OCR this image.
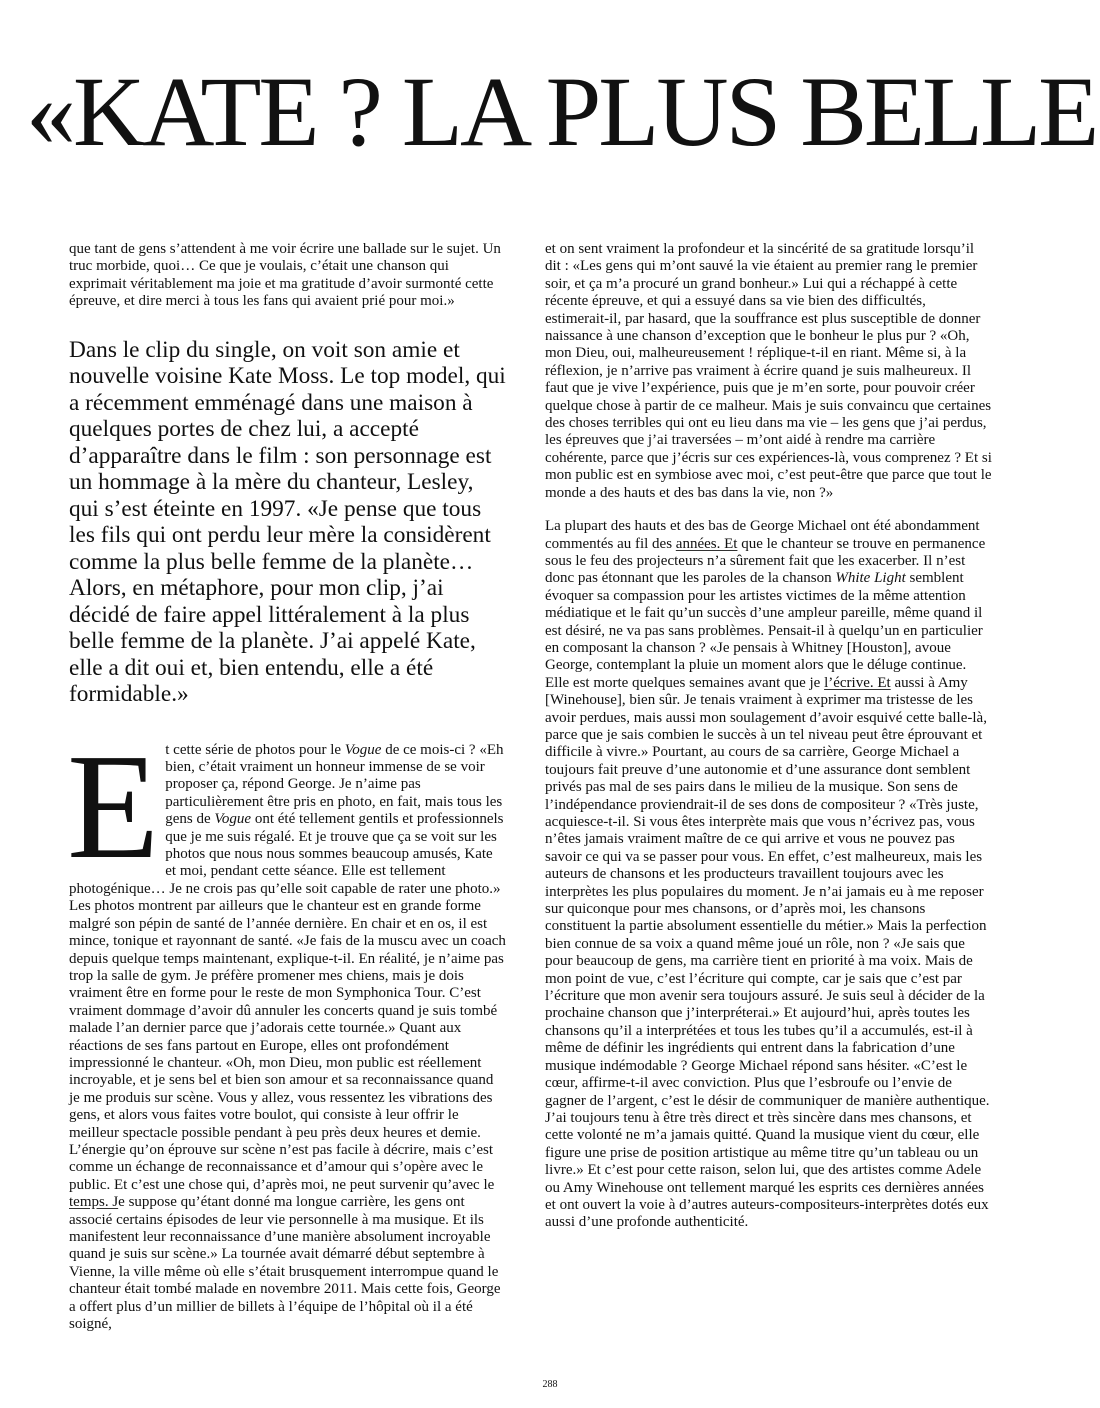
«KATE ? LA PLUS BELLE

que tant de gens s’attendent à me voir écrire une ballade sur le sujet. Un truc morbide, quoi… Ce que je voulais, c’était une chanson qui exprimait véritablement ma joie et ma gratitude d’avoir surmonté cette épreuve, et dire merci à tous les fans qui avaient prié pour moi.»

Dans le clip du single, on voit son amie et nouvelle voisine Kate Moss. Le top model, qui a récemment emménagé dans une maison à quelques portes de chez lui, a accepté d’apparaître dans le film : son personnage est un hommage à la mère du chanteur, Lesley, qui s’est éteinte en 1997. «Je pense que tous les fils qui ont perdu leur mère la considèrent comme la plus belle femme de la planète… Alors, en métaphore, pour mon clip, j’ai décidé de faire appel littéralement à la plus belle femme de la planète. J’ai appelé Kate, elle a dit oui et, bien entendu, elle a été formidable.»

Et cette série de photos pour le Vogue de ce mois-ci ? «Eh bien, c’était vraiment un honneur immense de se voir proposer ça, répond George. Je n’aime pas particulièrement être pris en photo, en fait, mais tous les gens de Vogue ont été tellement gentils et professionnels que je me suis régalé. Et je trouve que ça se voit sur les photos que nous nous sommes beaucoup amusés, Kate et moi, pendant cette séance. Elle est tellement photogénique… Je ne crois pas qu’elle soit capable de rater une photo.» Les photos montrent par ailleurs que le chanteur est en grande forme malgré son pépin de santé de l’année dernière. En chair et en os, il est mince, tonique et rayonnant de santé. «Je fais de la muscu avec un coach depuis quelque temps maintenant, explique-t-il. En réalité, je n’aime pas trop la salle de gym. Je préfère promener mes chiens, mais je dois vraiment être en forme pour le reste de mon Symphonica Tour. C’est vraiment dommage d’avoir dû annuler les concerts quand je suis tombé malade l’an dernier parce que j’adorais cette tournée.» Quant aux réactions de ses fans partout en Europe, elles ont profondément impressionné le chanteur. «Oh, mon Dieu, mon public est réellement incroyable, et je sens bel et bien son amour et sa reconnaissance quand je me produis sur scène. Vous y allez, vous ressentez les vibrations des gens, et alors vous faites votre boulot, qui consiste à leur offrir le meilleur spectacle possible pendant à peu près deux heures et demie. L’énergie qu’on éprouve sur scène n’est pas facile à décrire, mais c’est comme un échange de reconnaissance et d’amour qui s’opère avec le public. Et c’est une chose qui, d’après moi, ne peut survenir qu’avec le temps. Je suppose qu’étant donné ma longue carrière, les gens ont associé certains épisodes de leur vie personnelle à ma musique. Et ils manifestent leur reconnaissance d’une manière absolument incroyable quand je suis sur scène.» La tournée avait démarré début septembre à Vienne, la ville même où elle s’était brusquement interrompue quand le chanteur était tombé malade en novembre 2011. Mais cette fois, George a offert plus d’un millier de billets à l’équipe de l’hôpital où il a été soigné,

et on sent vraiment la profondeur et la sincérité de sa gratitude lorsqu’il dit : «Les gens qui m’ont sauvé la vie étaient au premier rang le premier soir, et ça m’a procuré un grand bonheur.» Lui qui a réchappé à cette récente épreuve, et qui a essuyé dans sa vie bien des difficultés, estimerait-il, par hasard, que la souffrance est plus susceptible de donner naissance à une chanson d’exception que le bonheur le plus pur ? «Oh, mon Dieu, oui, malheureusement ! réplique-t-il en riant. Même si, à la réflexion, je n’arrive pas vraiment à écrire quand je suis malheureux. Il faut que je vive l’expérience, puis que je m’en sorte, pour pouvoir créer quelque chose à partir de ce malheur. Mais je suis convaincu que certaines des choses terribles qui ont eu lieu dans ma vie – les gens que j’ai perdus, les épreuves que j’ai traversées – m’ont aidé à rendre ma carrière cohérente, parce que j’écris sur ces expériences-là, vous comprenez ? Et si mon public est en symbiose avec moi, c’est peut-être que parce que tout le monde a des hauts et des bas dans la vie, non ?»

La plupart des hauts et des bas de George Michael ont été abondamment commentés au fil des années. Et que le chanteur se trouve en permanence sous le feu des projecteurs n’a sûrement fait que les exacerber. Il n’est donc pas étonnant que les paroles de la chanson White Light semblent évoquer sa compassion pour les artistes victimes de la même attention médiatique et le fait qu’un succès d’une ampleur pareille, même quand il est désiré, ne va pas sans problèmes. Pensait-il à quelqu’un en particulier en composant la chanson ? «Je pensais à Whitney [Houston], avoue George, contemplant la pluie un moment alors que le déluge continue. Elle est morte quelques semaines avant que je l’écrive. Et aussi à Amy [Winehouse], bien sûr. Je tenais vraiment à exprimer ma tristesse de les avoir perdues, mais aussi mon soulagement d’avoir esquivé cette balle-là, parce que je sais combien le succès à un tel niveau peut être éprouvant et difficile à vivre.» Pourtant, au cours de sa carrière, George Michael a toujours fait preuve d’une autonomie et d’une assurance dont semblent privés pas mal de ses pairs dans le milieu de la musique. Son sens de l’indépendance proviendrait-il de ses dons de compositeur ? «Très juste, acquiesce-t-il. Si vous êtes interprète mais que vous n’écrivez pas, vous n’êtes jamais vraiment maître de ce qui arrive et vous ne pouvez pas savoir ce qui va se passer pour vous. En effet, c’est malheureux, mais les auteurs de chansons et les producteurs travaillent toujours avec les interprètes les plus populaires du moment. Je n’ai jamais eu à me reposer sur quiconque pour mes chansons, or d’après moi, les chansons constituent la partie absolument essentielle du métier.» Mais la perfection bien connue de sa voix a quand même joué un rôle, non ? «Je sais que pour beaucoup de gens, ma carrière tient en priorité à ma voix. Mais de mon point de vue, c’est l’écriture qui compte, car je sais que c’est par l’écriture que mon avenir sera toujours assuré. Je suis seul à décider de la prochaine chanson que j’interpréterai.» Et aujourd’hui, après toutes les chansons qu’il a interprétées et tous les tubes qu’il a accumulés, est-il à même de définir les ingrédients qui entrent dans la fabrication d’une musique indémodable ? George Michael répond sans hésiter. «C’est le cœur, affirme-t-il avec conviction. Plus que l’esbroufe ou l’envie de gagner de l’argent, c’est le désir de communiquer de manière authentique. J’ai toujours tenu à être très direct et très sincère dans mes chansons, et cette volonté ne m’a jamais quitté. Quand la musique vient du cœur, elle figure une prise de position artistique au même titre qu’un tableau ou un livre.» Et c’est pour cette raison, selon lui, que des artistes comme Adele ou Amy Winehouse ont tellement marqué les esprits ces dernières années et ont ouvert la voie à d’autres auteurs-compositeurs-interprètes dotés eux aussi d’une profonde authenticité.

288
